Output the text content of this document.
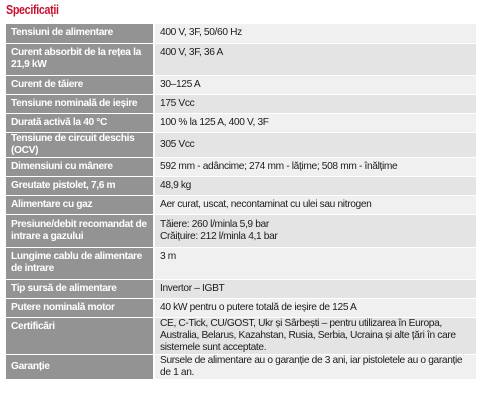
Specificații
Tensiuni de alimentare	400 V, 3F, 50/60 Hz
Curent absorbit de la rețea la 21,9 kW	400 V, 3F, 36 A
Curent de tăiere	30–125 A
Tensiune nominală de ieșire	175 Vcc
Durată activă la 40 °C	100 % la 125 A, 400 V, 3F
Tensiune de circuit deschis (OCV)	305 Vcc
Dimensiuni cu mânere	592 mm - adâncime; 274 mm - lățime; 508 mm - înălțime
Greutate pistolet, 7,6 m	48,9 kg
Alimentare cu gaz	Aer curat, uscat, necontaminat cu ulei sau nitrogen
Presiune/debit recomandat de intrare a gazului	Tăiere: 260 l/minla 5,9 bar
Crăițuire: 212 l/minla 4,1 bar

Lungime cablu de alimentare de intrare	3 m
Tip sursă de alimentare	Invertor – IGBT
Putere nominală motor	40 kW pentru o putere totală de ieșire de 125 A
Certificări	CE, C-Tick, CU/GOST, Ukr și Sârbești – pentru utilizarea în Europa, Australia, Belarus, Kazahstan, Rusia, Serbia, Ucraina și alte țări în care sistemele sunt acceptate.
Garanție	Sursele de alimentare au o garanție de 3 ani, iar pistoletele au o garanție de 1 an.
